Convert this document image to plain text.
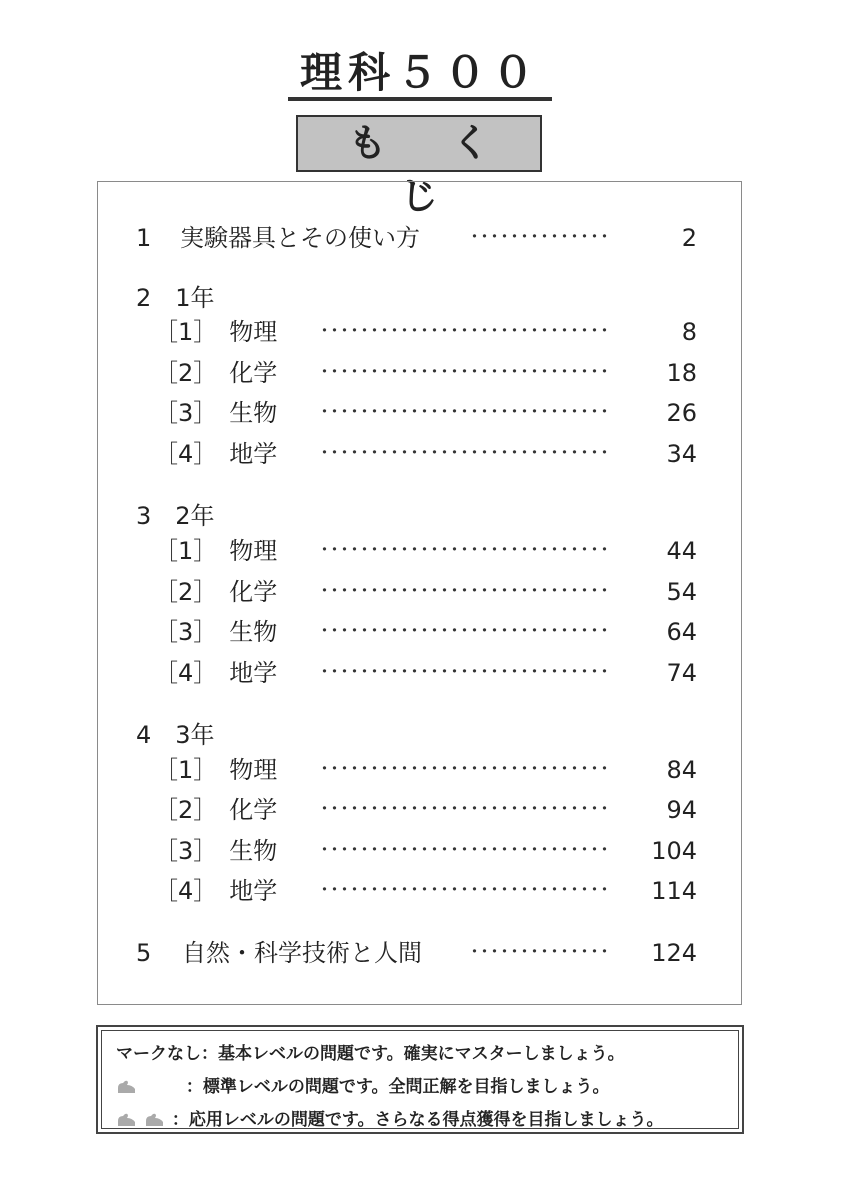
理科５００
も く じ
1 実験器具とその使い方	･･････････････	2
2　1年
［1］　物理 ･････････････････････････････	8
［2］　化学 ･････････････････････････････ 18
［3］　生物 ･････････････････････････････ 26
［4］　地学 ･････････････････････････････ 34
3　2年
［1］　物理 ･････････････････････････････ 44
［2］　化学 ･････････････････････････････ 54
［3］　生物 ･････････････････････････････ 64
［4］　地学 ･････････････････････････････ 74
4　3年
［1］　物理 ･････････････････････････････ 84
［2］　化学 ･････････････････････････････ 94
［3］　生物 ･････････････････････････････ 104
［4］　地学 ･････････････････････････････ 114
5 自然・科学技術と人間	･･････････････ 124
マークなし：基本レベルの問題です。確実にマスターしましょう。
：標準レベルの問題です。全問正解を目指しましょう。
：応用レベルの問題です。さらなる得点獲得を目指しましょう。
